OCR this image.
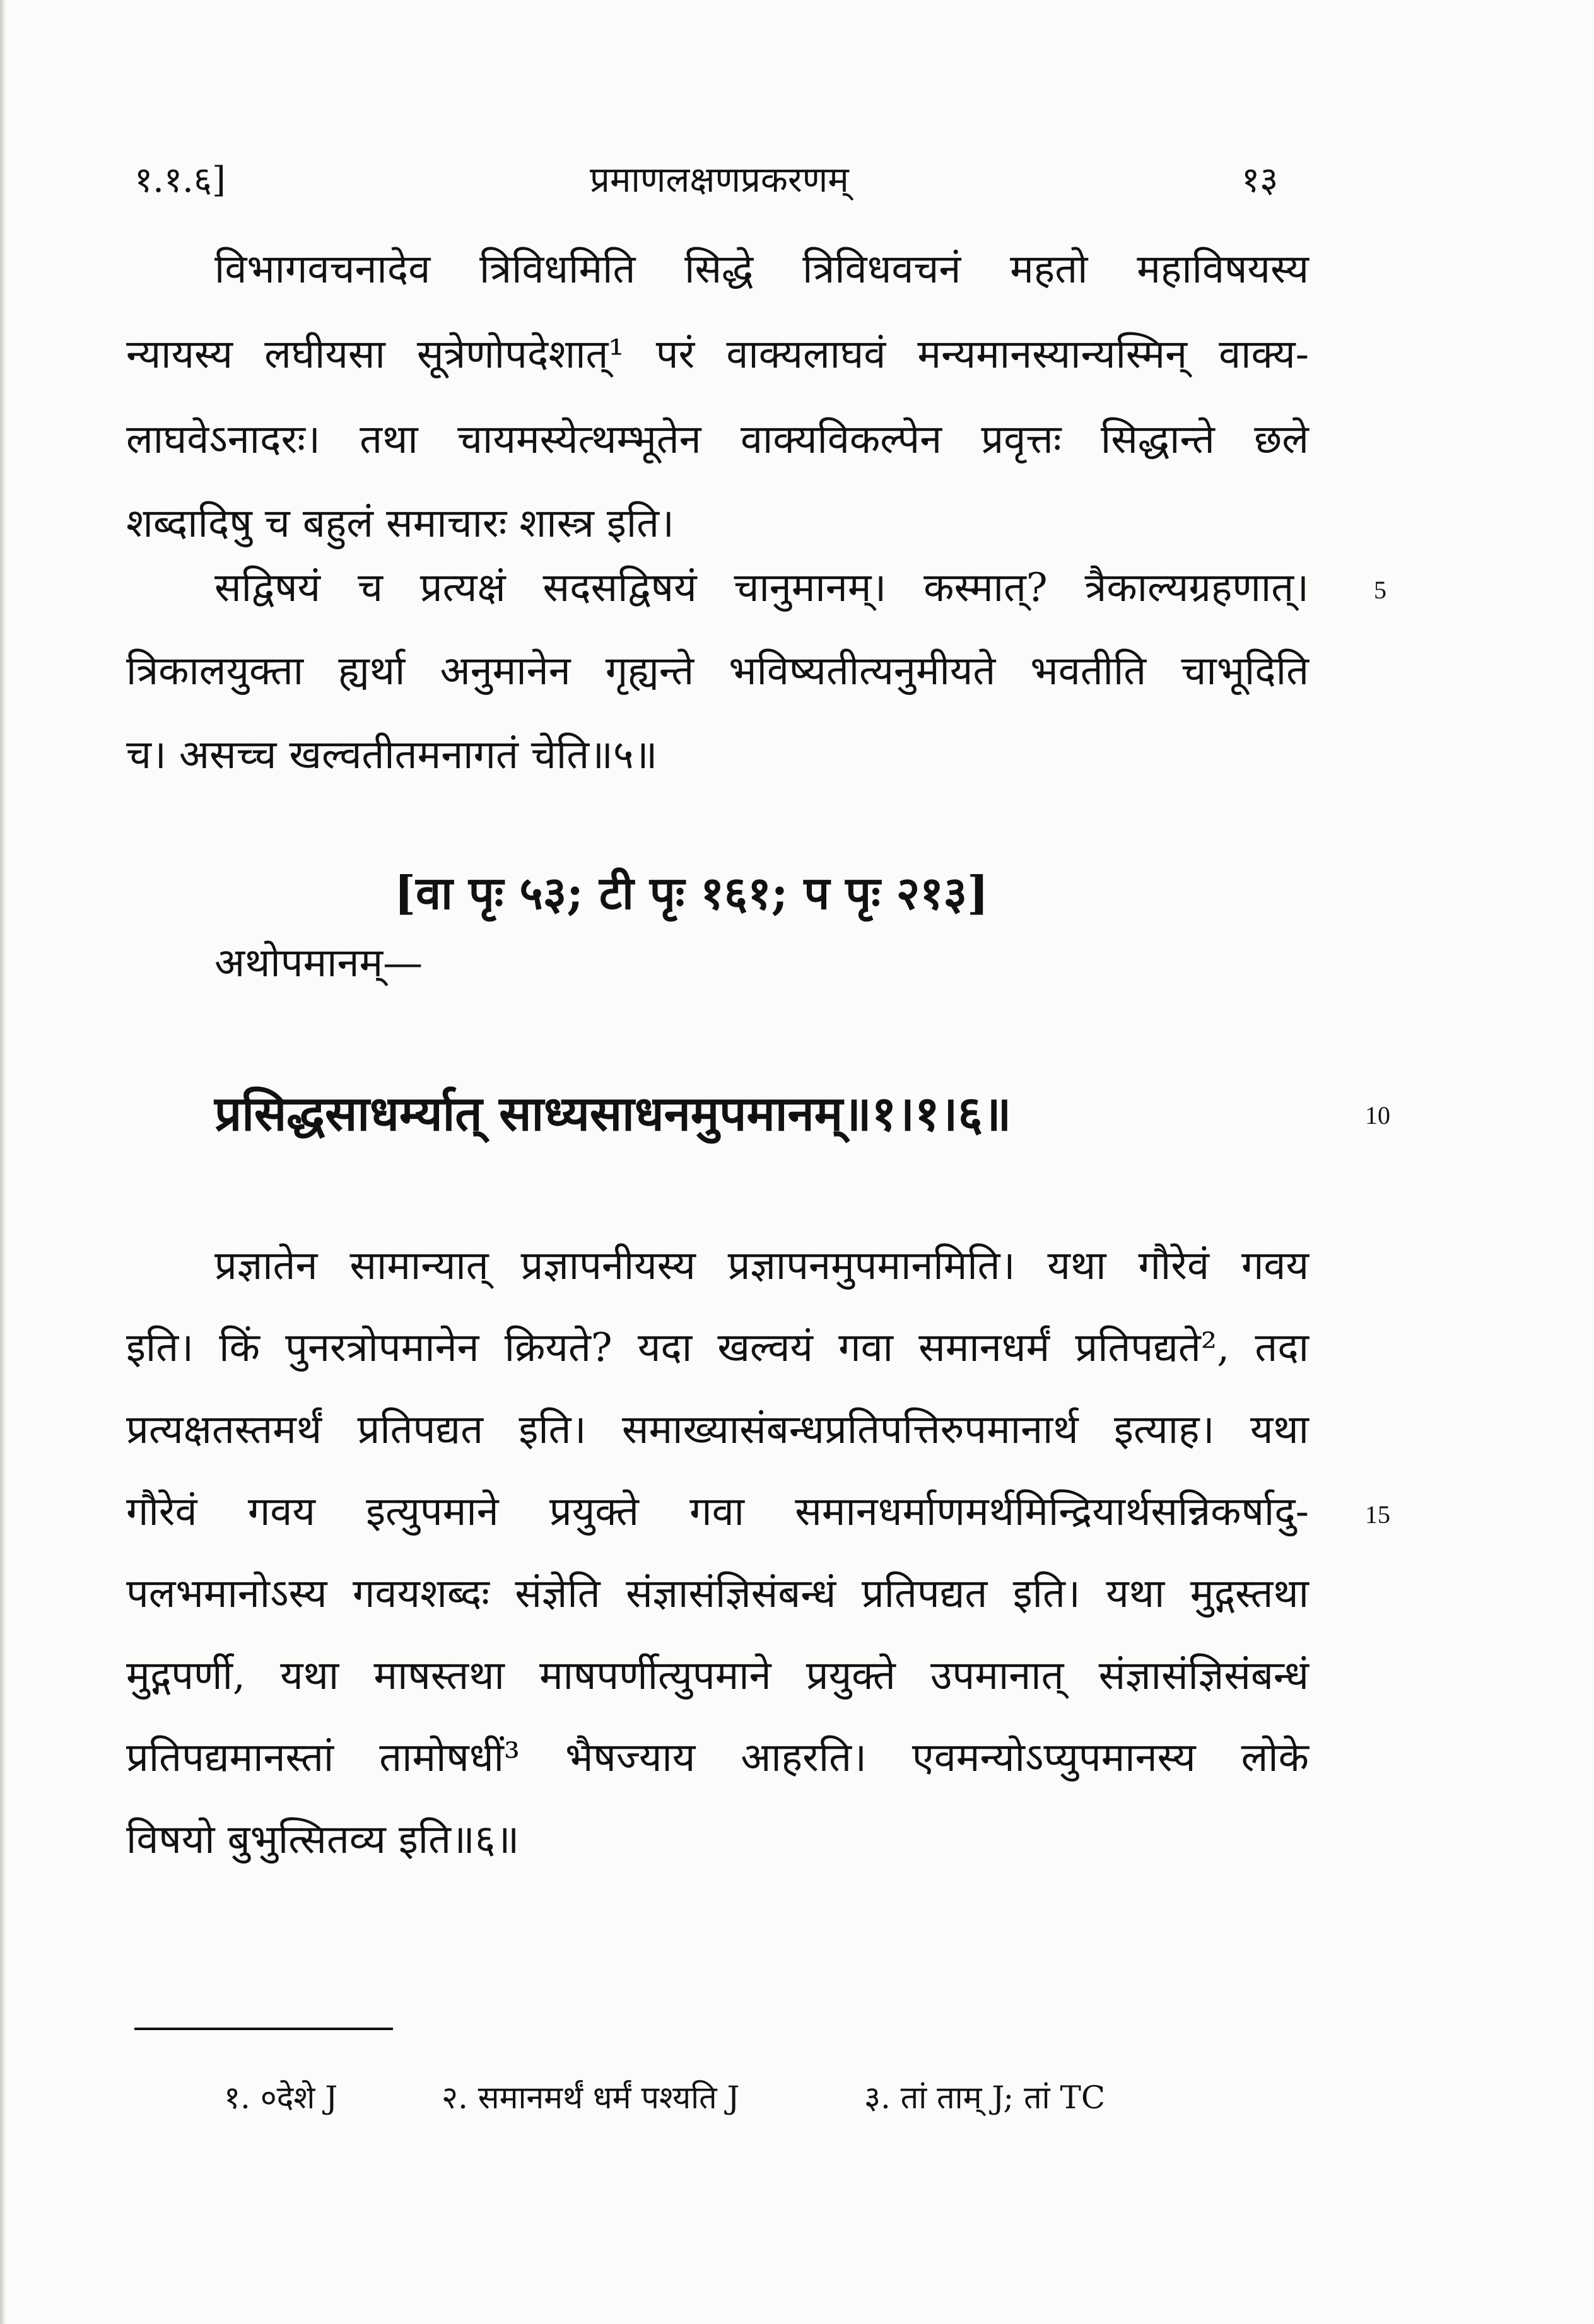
१.१.६]	प्रमाणलक्षणप्रकरणम्	१३
विभागवचनादेव त्रिविधमिति सिद्धे त्रिविधवचनं महतो महाविषयस्य
न्यायस्य लघीयसा सूत्रेणोपदेशात्¹ परं वाक्यलाघवं मन्यमानस्यान्यस्मिन् वाक्य-
लाघवेऽनादरः। तथा चायमस्येत्थम्भूतेन वाक्यविकल्पेन प्रवृत्तः सिद्धान्ते छले
शब्दादिषु च बहुलं समाचारः शास्त्र इति।
सद्विषयं च प्रत्यक्षं सदसद्विषयं चानुमानम्। कस्मात्? त्रैकाल्यग्रहणात्।	5
त्रिकालयुक्ता ह्यर्था अनुमानेन गृह्यन्ते भविष्यतीत्यनुमीयते भवतीति चाभूदिति
च। असच्च खल्वतीतमनागतं चेति॥५॥
[वा पृः ५३; टी पृः १६१; प पृः २१३]
अथोपमानम्—
प्रसिद्धसाधर्म्यात् साध्यसाधनमुपमानम्॥१।१।६॥	10
प्रज्ञातेन सामान्यात् प्रज्ञापनीयस्य प्रज्ञापनमुपमानमिति। यथा गौरेवं गवय
इति। किं पुनरत्रोपमानेन क्रियते? यदा खल्वयं गवा समानधर्मं प्रतिपद्यते², तदा
प्रत्यक्षतस्तमर्थं प्रतिपद्यत इति। समाख्यासंबन्धप्रतिपत्तिरुपमानार्थ इत्याह। यथा
गौरेवं गवय इत्युपमाने प्रयुक्ते गवा समानधर्माणमर्थमिन्द्रियार्थसन्निकर्षादु- 15
पलभमानोऽस्य गवयशब्दः संज्ञेति संज्ञासंज्ञिसंबन्धं प्रतिपद्यत इति। यथा मुद्गस्तथा
मुद्गपर्णी, यथा माषस्तथा माषपर्णीत्युपमाने प्रयुक्ते उपमानात् संज्ञासंज्ञिसंबन्धं
प्रतिपद्यमानस्तां तामोषधीं³ भैषज्याय आहरति। एवमन्योऽप्युपमानस्य लोके
विषयो बुभुत्सितव्य इति॥६॥
१. ०देशे J	२. समानमर्थं धर्मं पश्यति J	३. तां ताम् J; तां TC
